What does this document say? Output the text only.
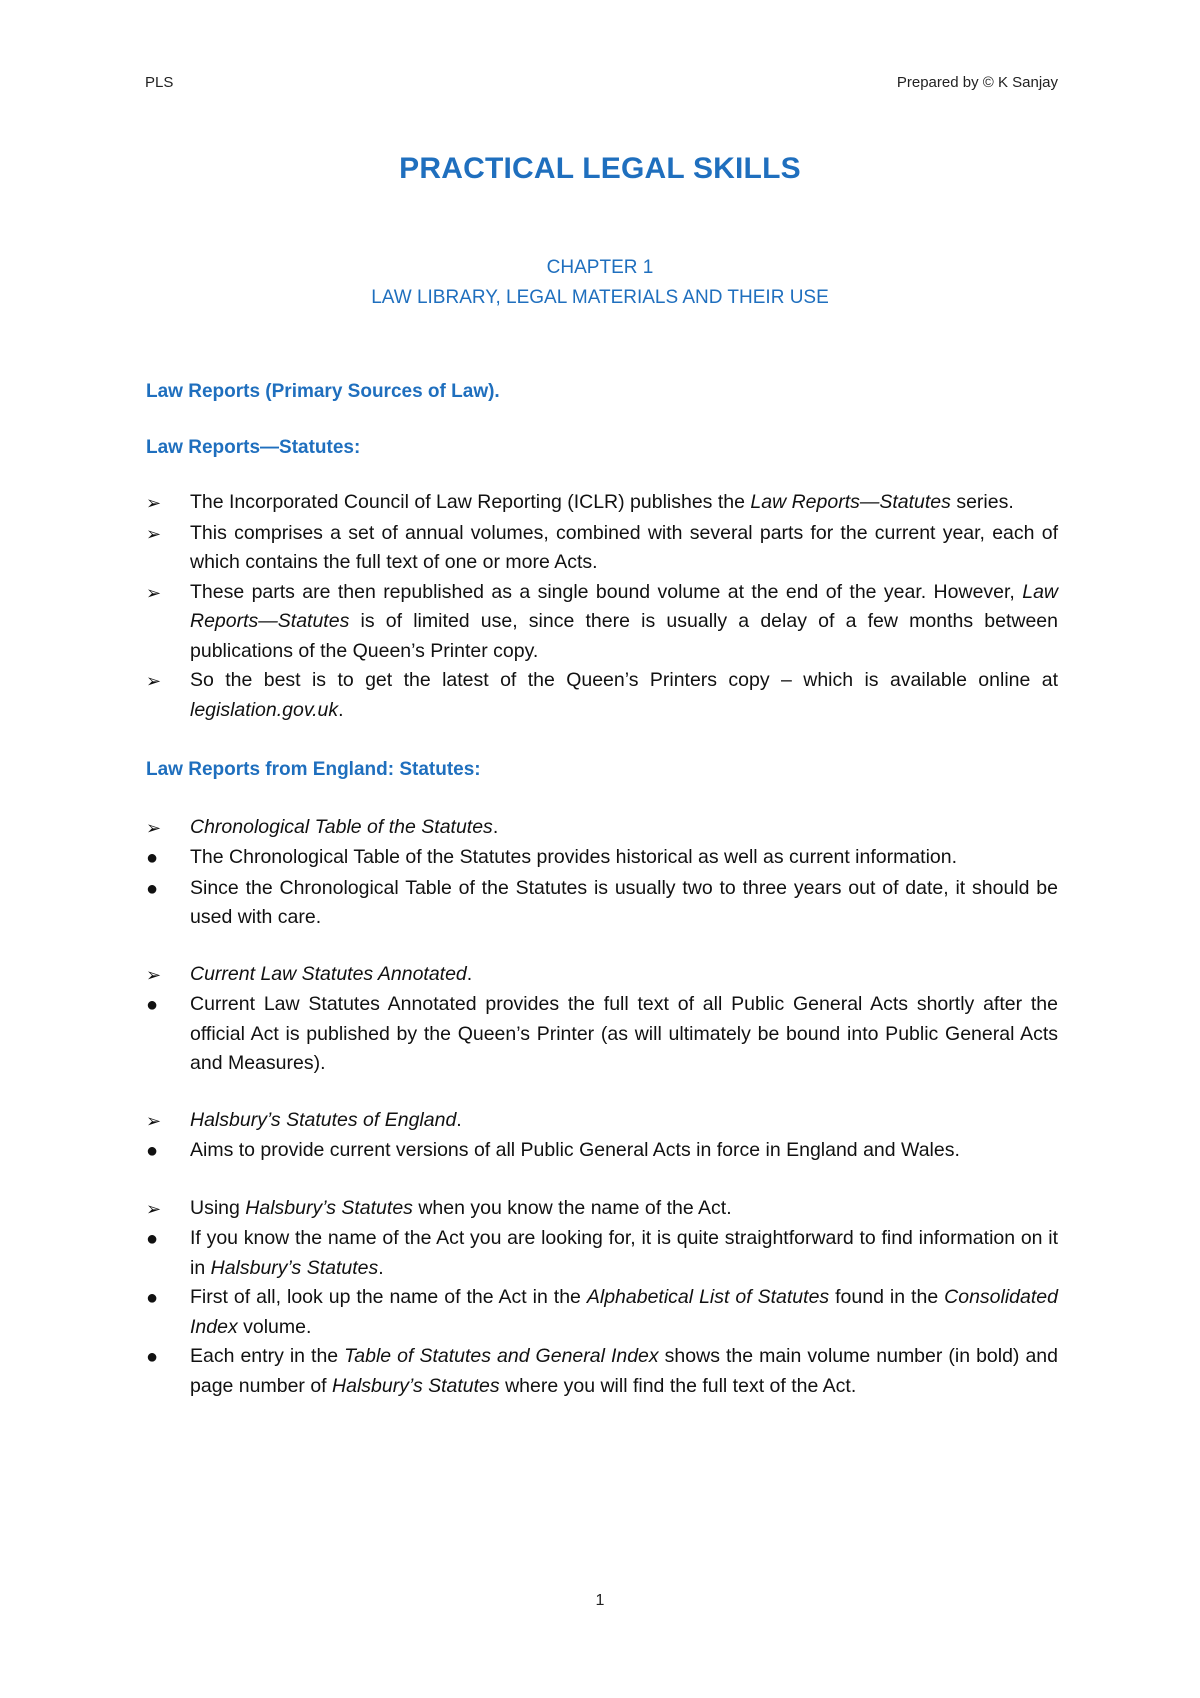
PLS	Prepared by © K Sanjay
PRACTICAL LEGAL SKILLS
CHAPTER 1
LAW LIBRARY, LEGAL MATERIALS AND THEIR USE

Law Reports (Primary Sources of Law).

Law Reports—Statutes:

➢	The Incorporated Council of Law Reporting (ICLR) publishes the Law Reports—Statutes series.
➢	This comprises a set of annual volumes, combined with several parts for the current year, each of which contains the full text of one or more Acts.
➢	These parts are then republished as a single bound volume at the end of the year. However, Law Reports—Statutes is of limited use, since there is usually a delay of a few months between publications of the Queen’s Printer copy.
➢	So the best is to get the latest of the Queen’s Printers copy – which is available online at legislation.gov.uk.

Law Reports from England: Statutes:

➢	Chronological Table of the Statutes.
●	The Chronological Table of the Statutes provides historical as well as current information.
●	Since the Chronological Table of the Statutes is usually two to three years out of date, it should be used with care.
➢	Current Law Statutes Annotated.
●	Current Law Statutes Annotated provides the full text of all Public General Acts shortly after the official Act is published by the Queen’s Printer (as will ultimately be bound into Public General Acts and Measures).
➢	Halsbury’s Statutes of England.
●	Aims to provide current versions of all Public General Acts in force in England and Wales.
➢	Using Halsbury’s Statutes when you know the name of the Act.
●	If you know the name of the Act you are looking for, it is quite straightforward to find information on it in Halsbury’s Statutes.
●	First of all, look up the name of the Act in the Alphabetical List of Statutes found in the Consolidated Index volume.
●	Each entry in the Table of Statutes and General Index shows the main volume number (in bold) and page number of Halsbury’s Statutes where you will find the full text of the Act.
1
